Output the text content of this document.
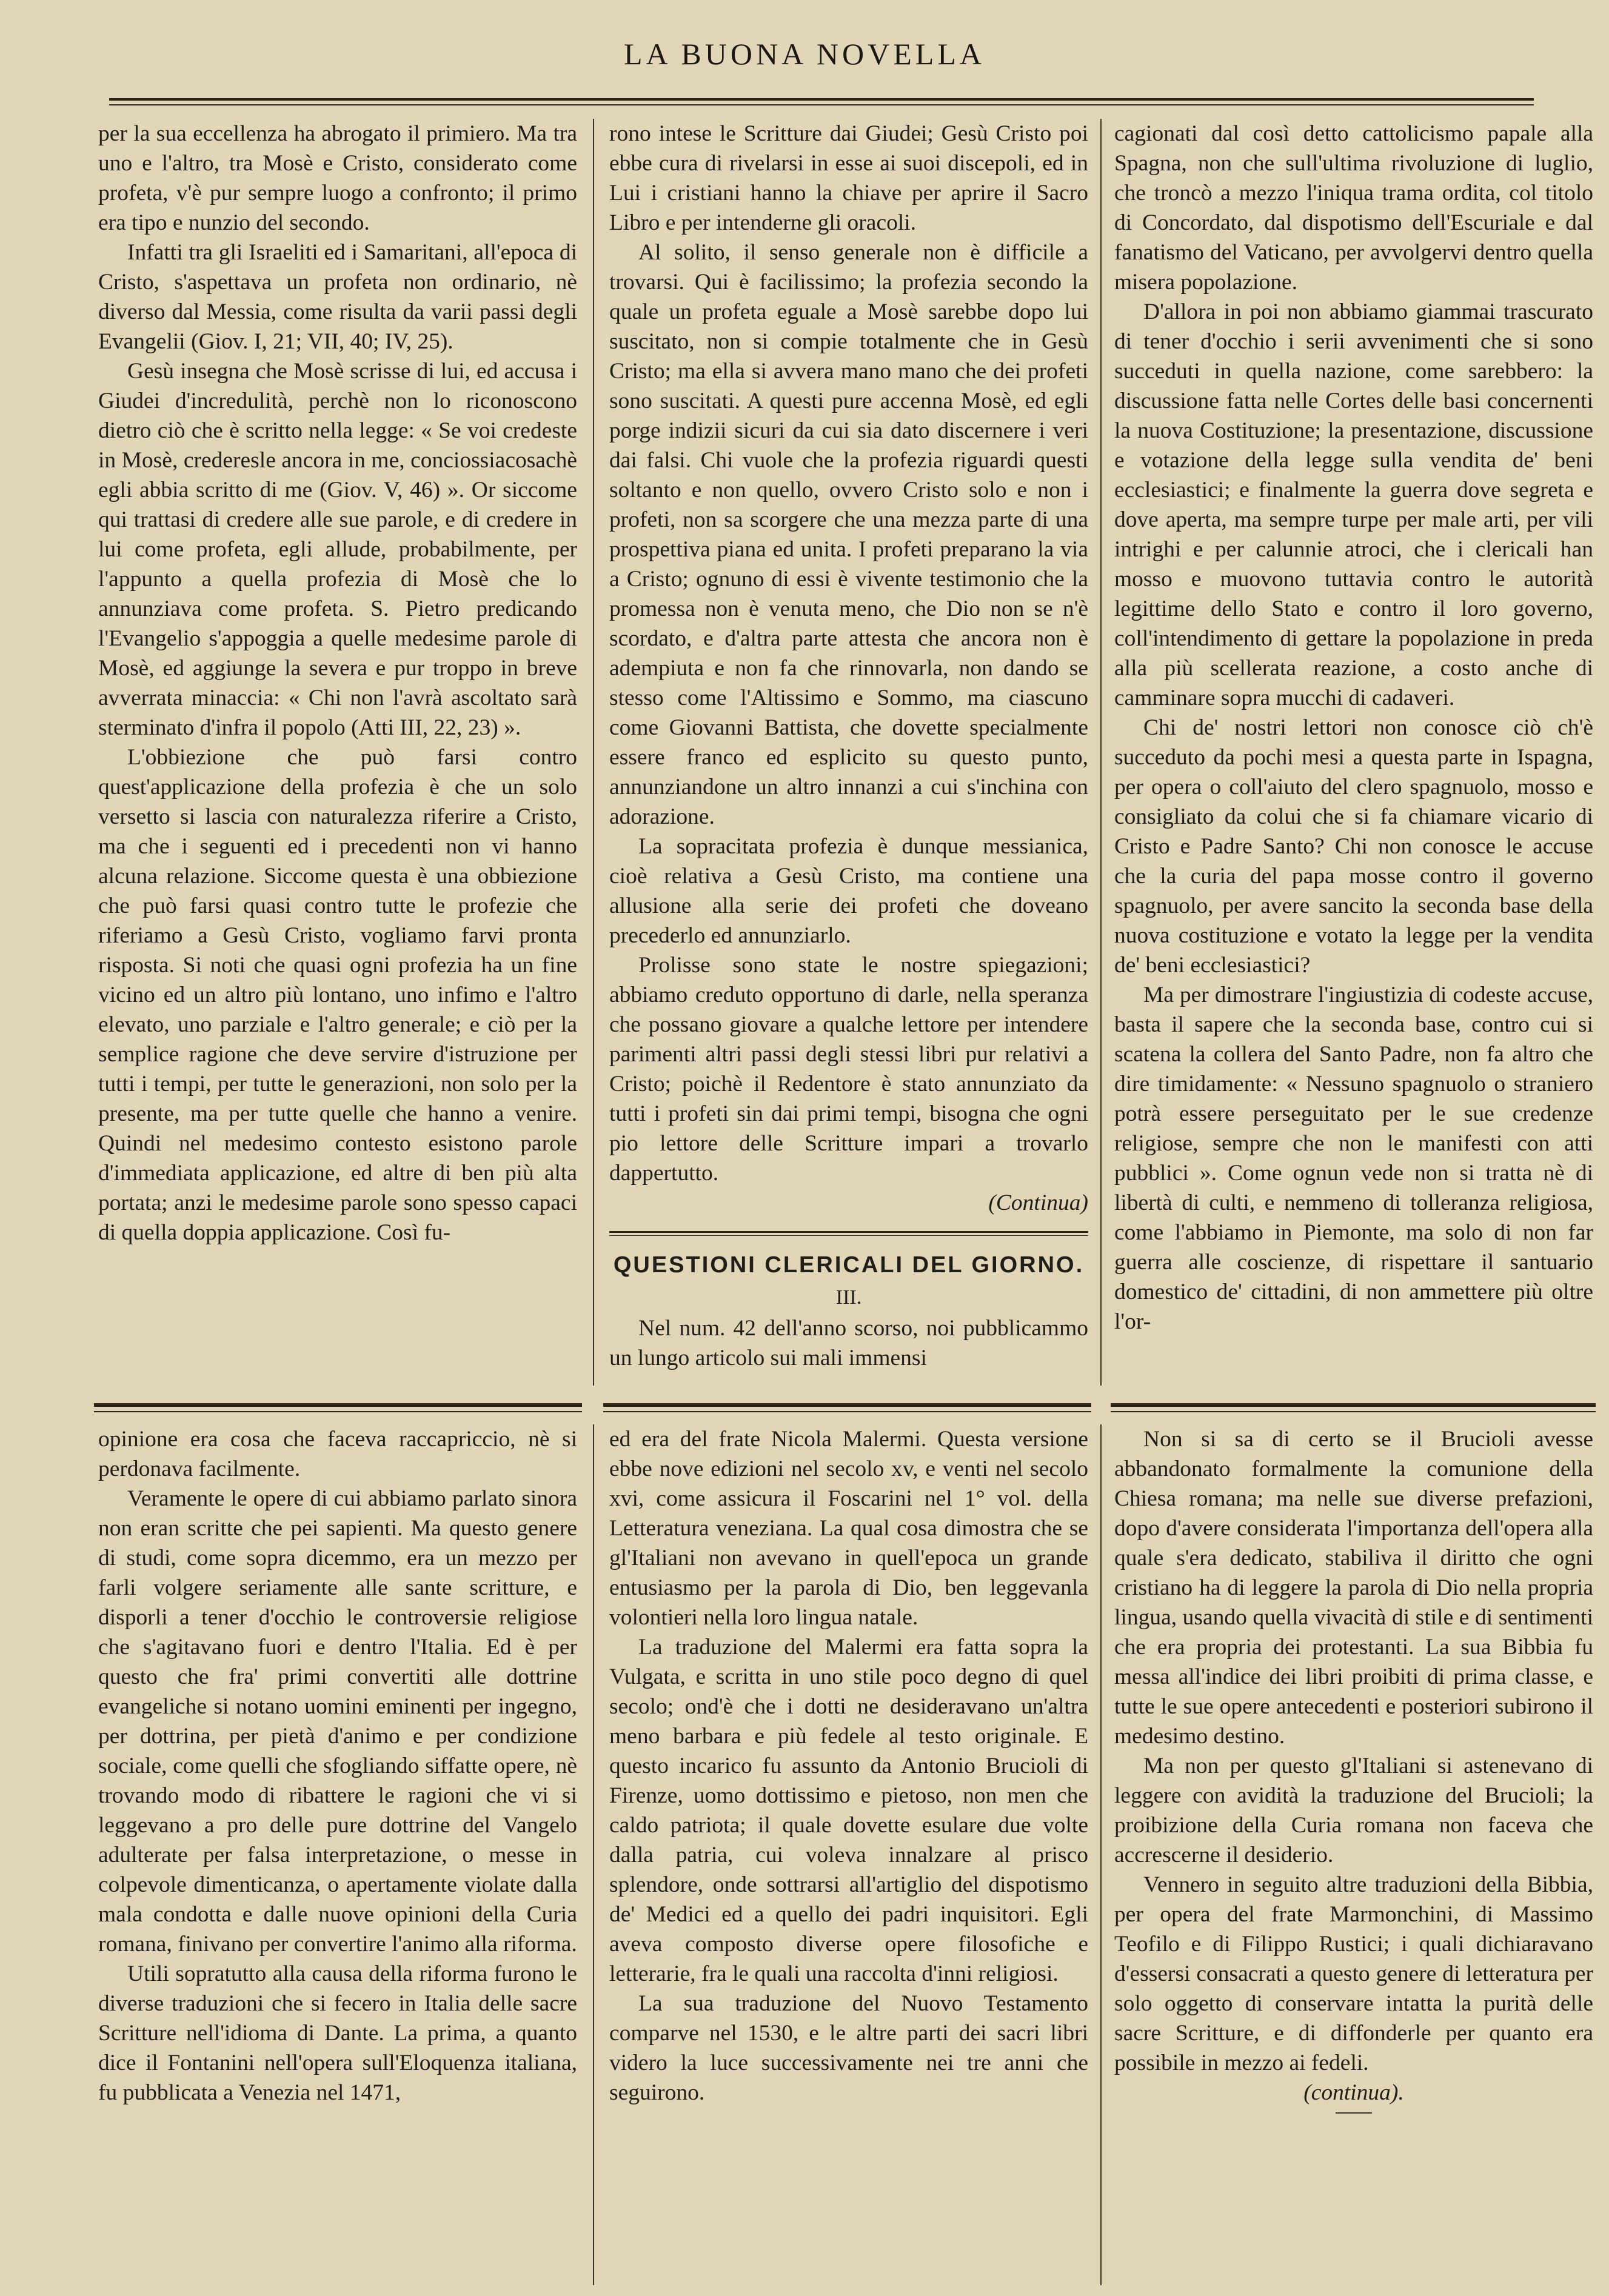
LA BUONA NOVELLA

per la sua eccellenza ha abrogato il primiero. Ma tra uno e l'altro, tra Mosè e Cristo, considerato come profeta, v'è pur sempre luogo a confronto; il primo era tipo e nunzio del secondo.

Infatti tra gli Israeliti ed i Samaritani, all'epoca di Cristo, s'aspettava un profeta non ordinario, nè diverso dal Messia, come risulta da varii passi degli Evangelii (Giov. I, 21; VII, 40; IV, 25).

Gesù insegna che Mosè scrisse di lui, ed accusa i Giudei d'incredulità, perchè non lo riconoscono dietro ciò che è scritto nella legge: « Se voi credeste in Mosè, crederesle ancora in me, conciossiacosachè egli abbia scritto di me (Giov. V, 46) ». Or siccome qui trattasi di credere alle sue parole, e di credere in lui come profeta, egli allude, probabilmente, per l'appunto a quella profezia di Mosè che lo annunziava come profeta. S. Pietro predicando l'Evangelio s'appoggia a quelle medesime parole di Mosè, ed aggiunge la severa e pur troppo in breve avverrata minaccia: « Chi non l'avrà ascoltato sarà sterminato d'infra il popolo (Atti III, 22, 23) ».

L'obbiezione che può farsi contro quest'applicazione della profezia è che un solo versetto si lascia con naturalezza riferire a Cristo, ma che i seguenti ed i precedenti non vi hanno alcuna relazione. Siccome questa è una obbiezione che può farsi quasi contro tutte le profezie che riferiamo a Gesù Cristo, vogliamo farvi pronta risposta. Si noti che quasi ogni profezia ha un fine vicino ed un altro più lontano, uno infimo e l'altro elevato, uno parziale e l'altro generale; e ciò per la semplice ragione che deve servire d'istruzione per tutti i tempi, per tutte le generazioni, non solo per la presente, ma per tutte quelle che hanno a venire. Quindi nel medesimo contesto esistono parole d'immediata applicazione, ed altre di ben più alta portata; anzi le medesime parole sono spesso capaci di quella doppia applicazione. Così fu-

rono intese le Scritture dai Giudei; Gesù Cristo poi ebbe cura di rivelarsi in esse ai suoi discepoli, ed in Lui i cristiani hanno la chiave per aprire il Sacro Libro e per intenderne gli oracoli.

Al solito, il senso generale non è difficile a trovarsi. Qui è facilissimo; la profezia secondo la quale un profeta eguale a Mosè sarebbe dopo lui suscitato, non si compie totalmente che in Gesù Cristo; ma ella si avvera mano mano che dei profeti sono suscitati. A questi pure accenna Mosè, ed egli porge indizii sicuri da cui sia dato discernere i veri dai falsi. Chi vuole che la profezia riguardi questi soltanto e non quello, ovvero Cristo solo e non i profeti, non sa scorgere che una mezza parte di una prospettiva piana ed unita. I profeti preparano la via a Cristo; ognuno di essi è vivente testimonio che la promessa non è venuta meno, che Dio non se n'è scordato, e d'altra parte attesta che ancora non è adempiuta e non fa che rinnovarla, non dando se stesso come l'Altissimo e Sommo, ma ciascuno come Giovanni Battista, che dovette specialmente essere franco ed esplicito su questo punto, annunziandone un altro innanzi a cui s'inchina con adorazione.

La sopracitata profezia è dunque messianica, cioè relativa a Gesù Cristo, ma contiene una allusione alla serie dei profeti che doveano precederlo ed annunziarlo.

Prolisse sono state le nostre spiegazioni; abbiamo creduto opportuno di darle, nella speranza che possano giovare a qualche lettore per intendere parimenti altri passi degli stessi libri pur relativi a Cristo; poichè il Redentore è stato annunziato da tutti i profeti sin dai primi tempi, bisogna che ogni pio lettore delle Scritture impari a trovarlo dappertutto.

(Continua)

QUESTIONI CLERICALI DEL GIORNO.
III.

Nel num. 42 dell'anno scorso, noi pubblicammo un lungo articolo sui mali immensi

cagionati dal così detto cattolicismo papale alla Spagna, non che sull'ultima rivoluzione di luglio, che troncò a mezzo l'iniqua trama ordita, col titolo di Concordato, dal dispotismo dell'Escuriale e dal fanatismo del Vaticano, per avvolgervi dentro quella misera popolazione.

D'allora in poi non abbiamo giammai trascurato di tener d'occhio i serii avvenimenti che si sono succeduti in quella nazione, come sarebbero: la discussione fatta nelle Cortes delle basi concernenti la nuova Costituzione; la presentazione, discussione e votazione della legge sulla vendita de' beni ecclesiastici; e finalmente la guerra dove segreta e dove aperta, ma sempre turpe per male arti, per vili intrighi e per calunnie atroci, che i clericali han mosso e muovono tuttavia contro le autorità legittime dello Stato e contro il loro governo, coll'intendimento di gettare la popolazione in preda alla più scellerata reazione, a costo anche di camminare sopra mucchi di cadaveri.

Chi de' nostri lettori non conosce ciò ch'è succeduto da pochi mesi a questa parte in Ispagna, per opera o coll'aiuto del clero spagnuolo, mosso e consigliato da colui che si fa chiamare vicario di Cristo e Padre Santo? Chi non conosce le accuse che la curia del papa mosse contro il governo spagnuolo, per avere sancito la seconda base della nuova costituzione e votato la legge per la vendita de' beni ecclesiastici?

Ma per dimostrare l'ingiustizia di codeste accuse, basta il sapere che la seconda base, contro cui si scatena la collera del Santo Padre, non fa altro che dire timidamente: « Nessuno spagnuolo o straniero potrà essere perseguitato per le sue credenze religiose, sempre che non le manifesti con atti pubblici ». Come ognun vede non si tratta nè di libertà di culti, e nemmeno di tolleranza religiosa, come l'abbiamo in Piemonte, ma solo di non far guerra alle coscienze, di rispettare il santuario domestico de' cittadini, di non ammettere più oltre l'or-

opinione era cosa che faceva raccapriccio, nè si perdonava facilmente.

Veramente le opere di cui abbiamo parlato sinora non eran scritte che pei sapienti. Ma questo genere di studi, come sopra dicemmo, era un mezzo per farli volgere seriamente alle sante scritture, e disporli a tener d'occhio le controversie religiose che s'agitavano fuori e dentro l'Italia. Ed è per questo che fra' primi convertiti alle dottrine evangeliche si notano uomini eminenti per ingegno, per dottrina, per pietà d'animo e per condizione sociale, come quelli che sfogliando siffatte opere, nè trovando modo di ribattere le ragioni che vi si leggevano a pro delle pure dottrine del Vangelo adulterate per falsa interpretazione, o messe in colpevole dimenticanza, o apertamente violate dalla mala condotta e dalle nuove opinioni della Curia romana, finivano per convertire l'animo alla riforma.

Utili sopratutto alla causa della riforma furono le diverse traduzioni che si fecero in Italia delle sacre Scritture nell'idioma di Dante. La prima, a quanto dice il Fontanini nell'opera sull'Eloquenza italiana, fu pubblicata a Venezia nel 1471,

ed era del frate Nicola Malermi. Questa versione ebbe nove edizioni nel secolo xv, e venti nel secolo xvi, come assicura il Foscarini nel 1° vol. della Letteratura veneziana. La qual cosa dimostra che se gl'Italiani non avevano in quell'epoca un grande entusiasmo per la parola di Dio, ben leggevanla volontieri nella loro lingua natale.

La traduzione del Malermi era fatta sopra la Vulgata, e scritta in uno stile poco degno di quel secolo; ond'è che i dotti ne desideravano un'altra meno barbara e più fedele al testo originale. E questo incarico fu assunto da Antonio Brucioli di Firenze, uomo dottissimo e pietoso, non men che caldo patriota; il quale dovette esulare due volte dalla patria, cui voleva innalzare al prisco splendore, onde sottrarsi all'artiglio del dispotismo de' Medici ed a quello dei padri inquisitori. Egli aveva composto diverse opere filosofiche e letterarie, fra le quali una raccolta d'inni religiosi.

La sua traduzione del Nuovo Testamento comparve nel 1530, e le altre parti dei sacri libri videro la luce successivamente nei tre anni che seguirono.

Non si sa di certo se il Brucioli avesse abbandonato formalmente la comunione della Chiesa romana; ma nelle sue diverse prefazioni, dopo d'avere considerata l'importanza dell'opera alla quale s'era dedicato, stabiliva il diritto che ogni cristiano ha di leggere la parola di Dio nella propria lingua, usando quella vivacità di stile e di sentimenti che era propria dei protestanti. La sua Bibbia fu messa all'indice dei libri proibiti di prima classe, e tutte le sue opere antecedenti e posteriori subirono il medesimo destino.

Ma non per questo gl'Italiani si astenevano di leggere con avidità la traduzione del Brucioli; la proibizione della Curia romana non faceva che accrescerne il desiderio.

Vennero in seguito altre traduzioni della Bibbia, per opera del frate Marmonchini, di Massimo Teofilo e di Filippo Rustici; i quali dichiaravano d'essersi consacrati a questo genere di letteratura per solo oggetto di conservare intatta la purità delle sacre Scritture, e di diffonderle per quanto era possibile in mezzo ai fedeli.

(continua).
